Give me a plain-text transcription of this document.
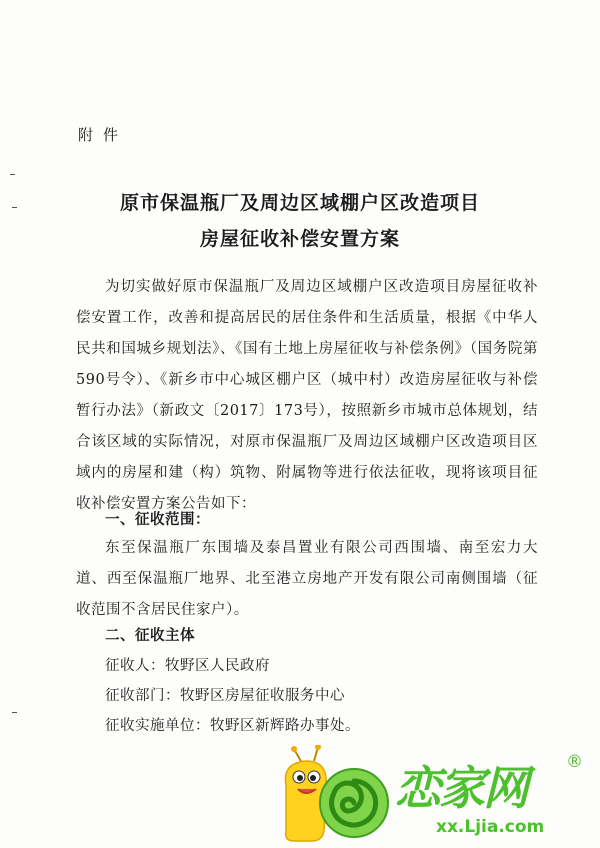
附件
原市保温瓶厂及周边区域棚户区改造项目
房屋征收补偿安置方案
为切实做好原市保温瓶厂及周边区域棚户区改造项目房屋征收补偿安置工作，改善和提高居民的居住条件和生活质量，根据《中华人民共和国城乡规划法》、《国有土地上房屋征收与补偿条例》（国务院第590号令）、《新乡市中心城区棚户区（城中村）改造房屋征收与补偿暂行办法》（新政文〔2017〕173号），按照新乡市城市总体规划，结合该区域的实际情况，对原市保温瓶厂及周边区域棚户区改造项目区域内的房屋和建（构）筑物、附属物等进行依法征收，现将该项目征收补偿安置方案公告如下：
一、征收范围：
东至保温瓶厂东围墙及泰昌置业有限公司西围墙、南至宏力大道、西至保温瓶厂地界、北至港立房地产开发有限公司南侧围墙（征收范围不含居民住家户）。
二、征收主体
征收人：牧野区人民政府
征收部门：牧野区房屋征收服务中心
征收实施单位：牧野区新辉路办事处。
恋家网 ®
xx.Ljia.com
